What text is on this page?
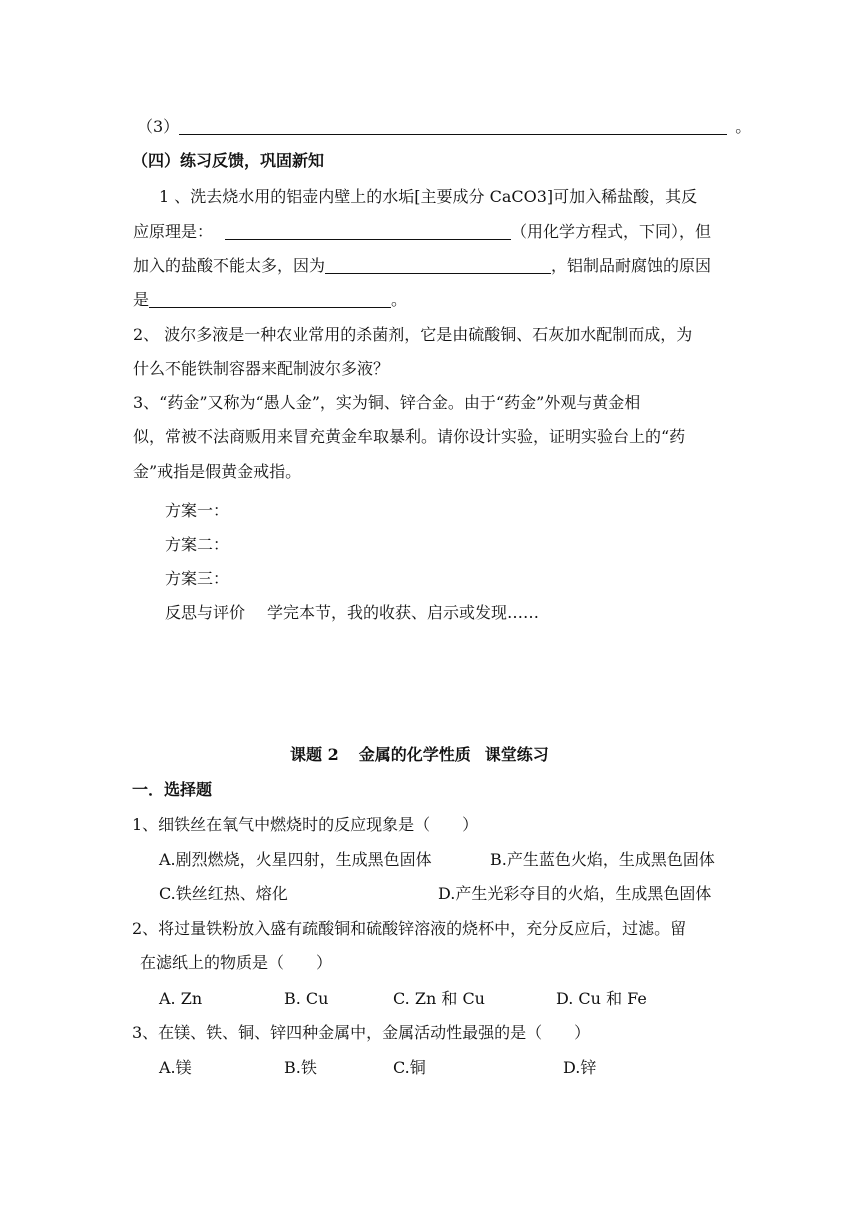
（3）	。
（四）练习反馈，巩固新知
1 、洗去烧水用的铝壶内壁上的水垢[主要成分 CaCO3]可加入稀盐酸，其反
应原理是：	（用化学方程式，下同），但
加入的盐酸不能太多，因为	，铝制品耐腐蚀的原因
是	。
2、 波尔多液是一种农业常用的杀菌剂，它是由硫酸铜、石灰加水配制而成，为
什么不能铁制容器来配制波尔多液？
3、“药金”又称为“愚人金”，实为铜、锌合金。由于“药金”外观与黄金相
似，常被不法商贩用来冒充黄金牟取暴利。请你设计实验，证明实验台上的“药
金”戒指是假黄金戒指。
方案一：
方案二：
方案三：
反思与评价 学完本节，我的收获、启示或发现……
课题 2 金属的化学性质 课堂练习
一．选择题
1、细铁丝在氧气中燃烧时的反应现象是（　　）
A.剧烈燃烧，火星四射，生成黑色固体	B.产生蓝色火焰，生成黑色固体
C.铁丝红热、熔化	D.产生光彩夺目的火焰，生成黑色固体
2、将过量铁粉放入盛有疏酸铜和硫酸锌溶液的烧杯中，充分反应后，过滤。留
在滤纸上的物质是（　　）
A. Zn	B. Cu	C. Zn 和 Cu	D. Cu 和 Fe
3、在镁、铁、铜、锌四种金属中，金属活动性最强的是（　　）
A.镁	B.铁	C.铜	D.锌
